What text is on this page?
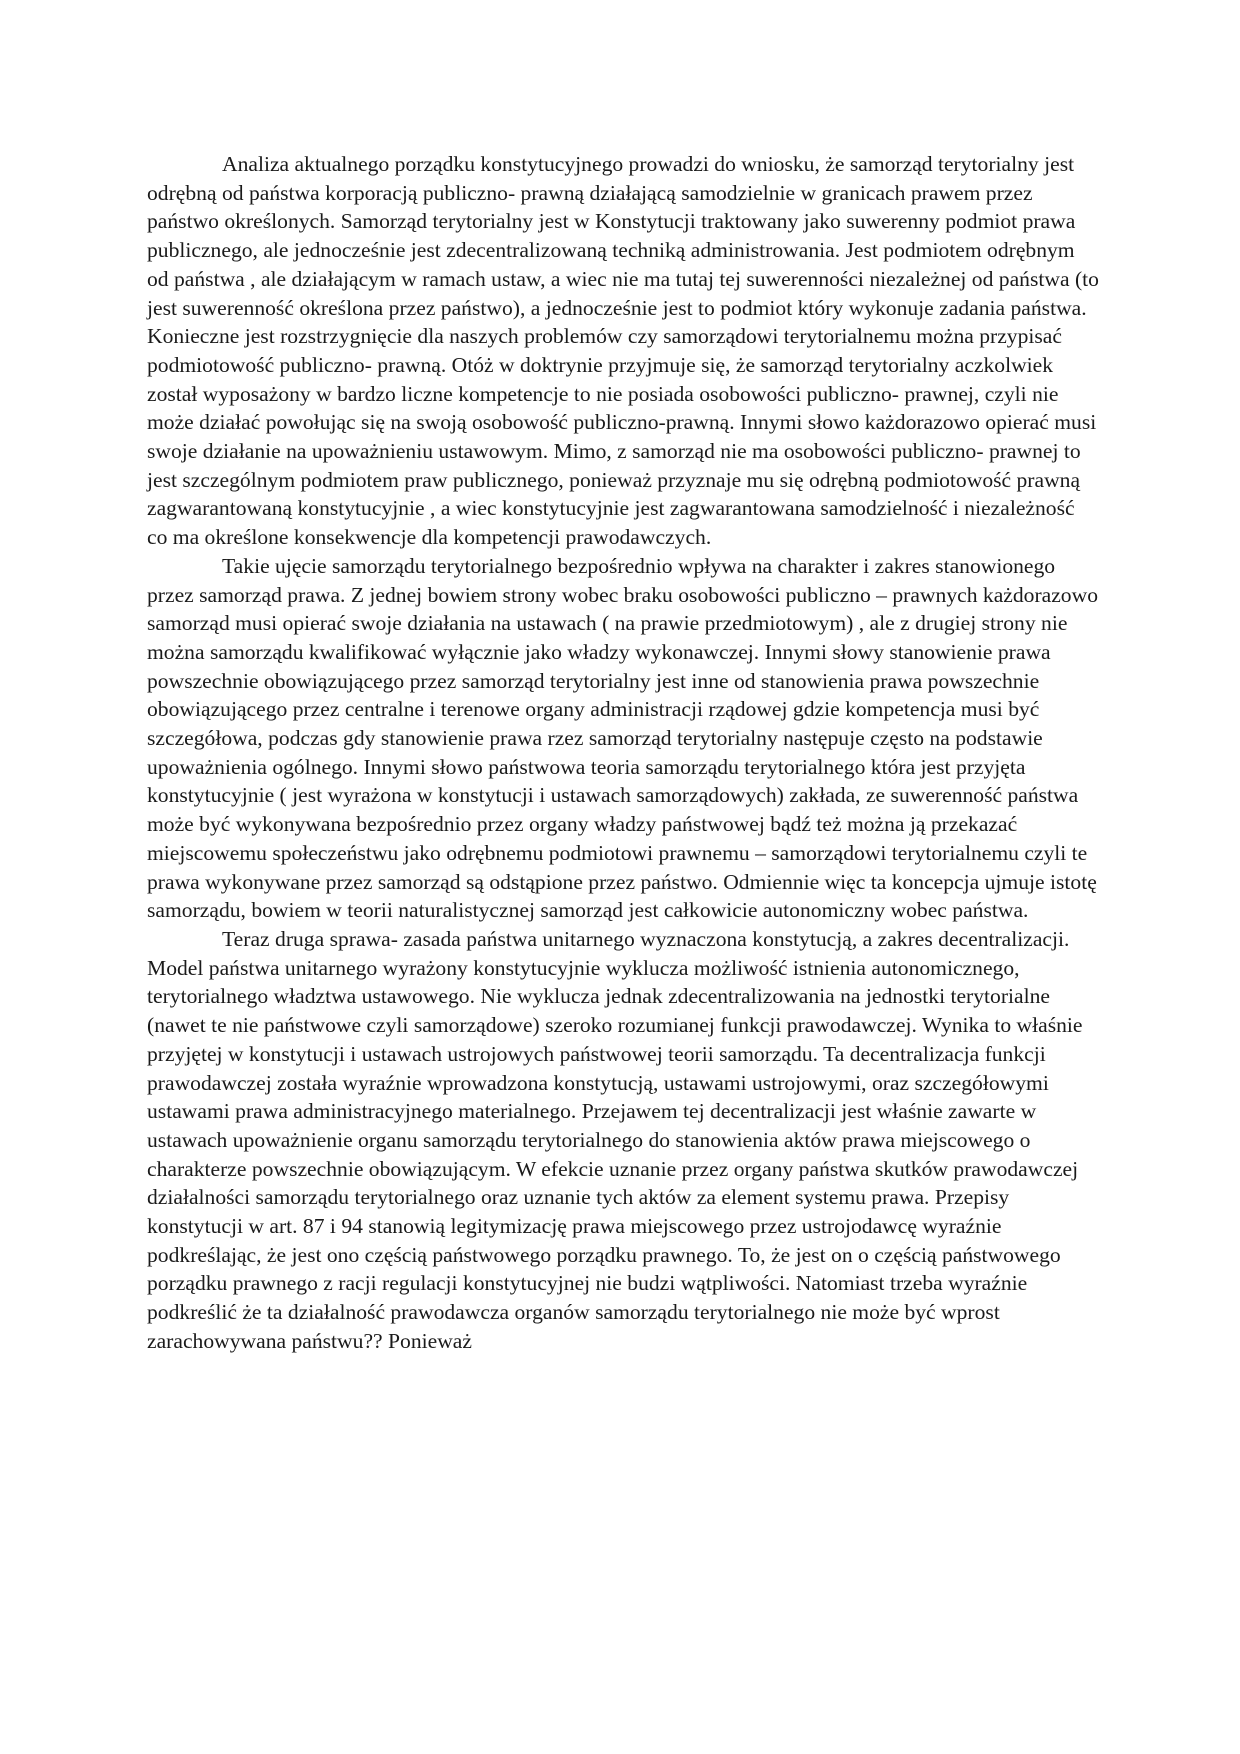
Analiza aktualnego porządku konstytucyjnego prowadzi do wniosku, że samorząd terytorialny jest odrębną od państwa korporacją publiczno- prawną działającą samodzielnie w granicach prawem przez państwo określonych. Samorząd terytorialny jest w Konstytucji traktowany jako suwerenny podmiot prawa publicznego, ale jednocześnie jest zdecentralizowaną techniką administrowania. Jest podmiotem odrębnym od państwa , ale działającym w ramach ustaw, a wiec nie ma tutaj tej suwerenności niezależnej od państwa (to jest suwerenność określona przez państwo), a jednocześnie jest to podmiot który wykonuje zadania państwa. Konieczne jest rozstrzygnięcie dla naszych problemów czy samorządowi terytorialnemu można przypisać podmiotowość publiczno- prawną. Otóż w doktrynie przyjmuje się, że samorząd terytorialny aczkolwiek został wyposażony w bardzo liczne kompetencje to nie posiada osobowości publiczno- prawnej, czyli nie może działać powołując się na swoją osobowość publiczno-prawną. Innymi słowo każdorazowo opierać musi swoje działanie na upoważnieniu ustawowym. Mimo, z samorząd nie ma osobowości publiczno- prawnej to jest szczególnym podmiotem praw publicznego, ponieważ przyznaje mu się odrębną podmiotowość prawną zagwarantowaną konstytucyjnie , a wiec konstytucyjnie jest zagwarantowana samodzielność i niezależność co ma określone konsekwencje dla kompetencji prawodawczych.

Takie ujęcie samorządu terytorialnego bezpośrednio wpływa na charakter i zakres stanowionego przez samorząd prawa. Z jednej bowiem strony wobec braku osobowości publiczno – prawnych każdorazowo samorząd musi opierać swoje działania na ustawach ( na prawie przedmiotowym) , ale z drugiej strony nie można samorządu kwalifikować wyłącznie jako władzy wykonawczej. Innymi słowy stanowienie prawa powszechnie obowiązującego przez samorząd terytorialny jest inne od stanowienia prawa powszechnie obowiązującego przez centralne i terenowe organy administracji rządowej gdzie kompetencja musi być szczegółowa, podczas gdy stanowienie prawa rzez samorząd terytorialny następuje często na podstawie upoważnienia ogólnego. Innymi słowo państwowa teoria samorządu terytorialnego która jest przyjęta konstytucyjnie ( jest wyrażona w konstytucji i ustawach samorządowych) zakłada, ze suwerenność państwa może być wykonywana bezpośrednio przez organy władzy państwowej bądź też można ją przekazać miejscowemu społeczeństwu jako odrębnemu podmiotowi prawnemu – samorządowi terytorialnemu czyli te prawa wykonywane przez samorząd są odstąpione przez państwo. Odmiennie więc ta koncepcja ujmuje istotę samorządu, bowiem w teorii naturalistycznej samorząd jest całkowicie autonomiczny wobec państwa.

Teraz druga sprawa- zasada państwa unitarnego wyznaczona konstytucją, a zakres decentralizacji. Model państwa unitarnego wyrażony konstytucyjnie wyklucza możliwość istnienia autonomicznego, terytorialnego władztwa ustawowego. Nie wyklucza jednak zdecentralizowania na jednostki terytorialne (nawet te nie państwowe czyli samorządowe) szeroko rozumianej funkcji prawodawczej. Wynika to właśnie przyjętej w konstytucji i ustawach ustrojowych państwowej teorii samorządu. Ta decentralizacja funkcji prawodawczej została wyraźnie wprowadzona konstytucją, ustawami ustrojowymi, oraz szczegółowymi ustawami prawa administracyjnego materialnego. Przejawem tej decentralizacji jest właśnie zawarte w ustawach upoważnienie organu samorządu terytorialnego do stanowienia aktów prawa miejscowego o charakterze powszechnie obowiązującym. W efekcie uznanie przez organy państwa skutków prawodawczej działalności samorządu terytorialnego oraz uznanie tych aktów za element systemu prawa. Przepisy konstytucji w art. 87 i 94 stanowią legitymizację prawa miejscowego przez ustrojodawcę wyraźnie podkreślając, że jest ono częścią państwowego porządku prawnego. To, że jest on o częścią państwowego porządku prawnego z racji regulacji konstytucyjnej nie budzi wątpliwości. Natomiast trzeba wyraźnie podkreślić że ta działalność prawodawcza organów samorządu terytorialnego nie może być wprost zarachowywana państwu?? Ponieważ
